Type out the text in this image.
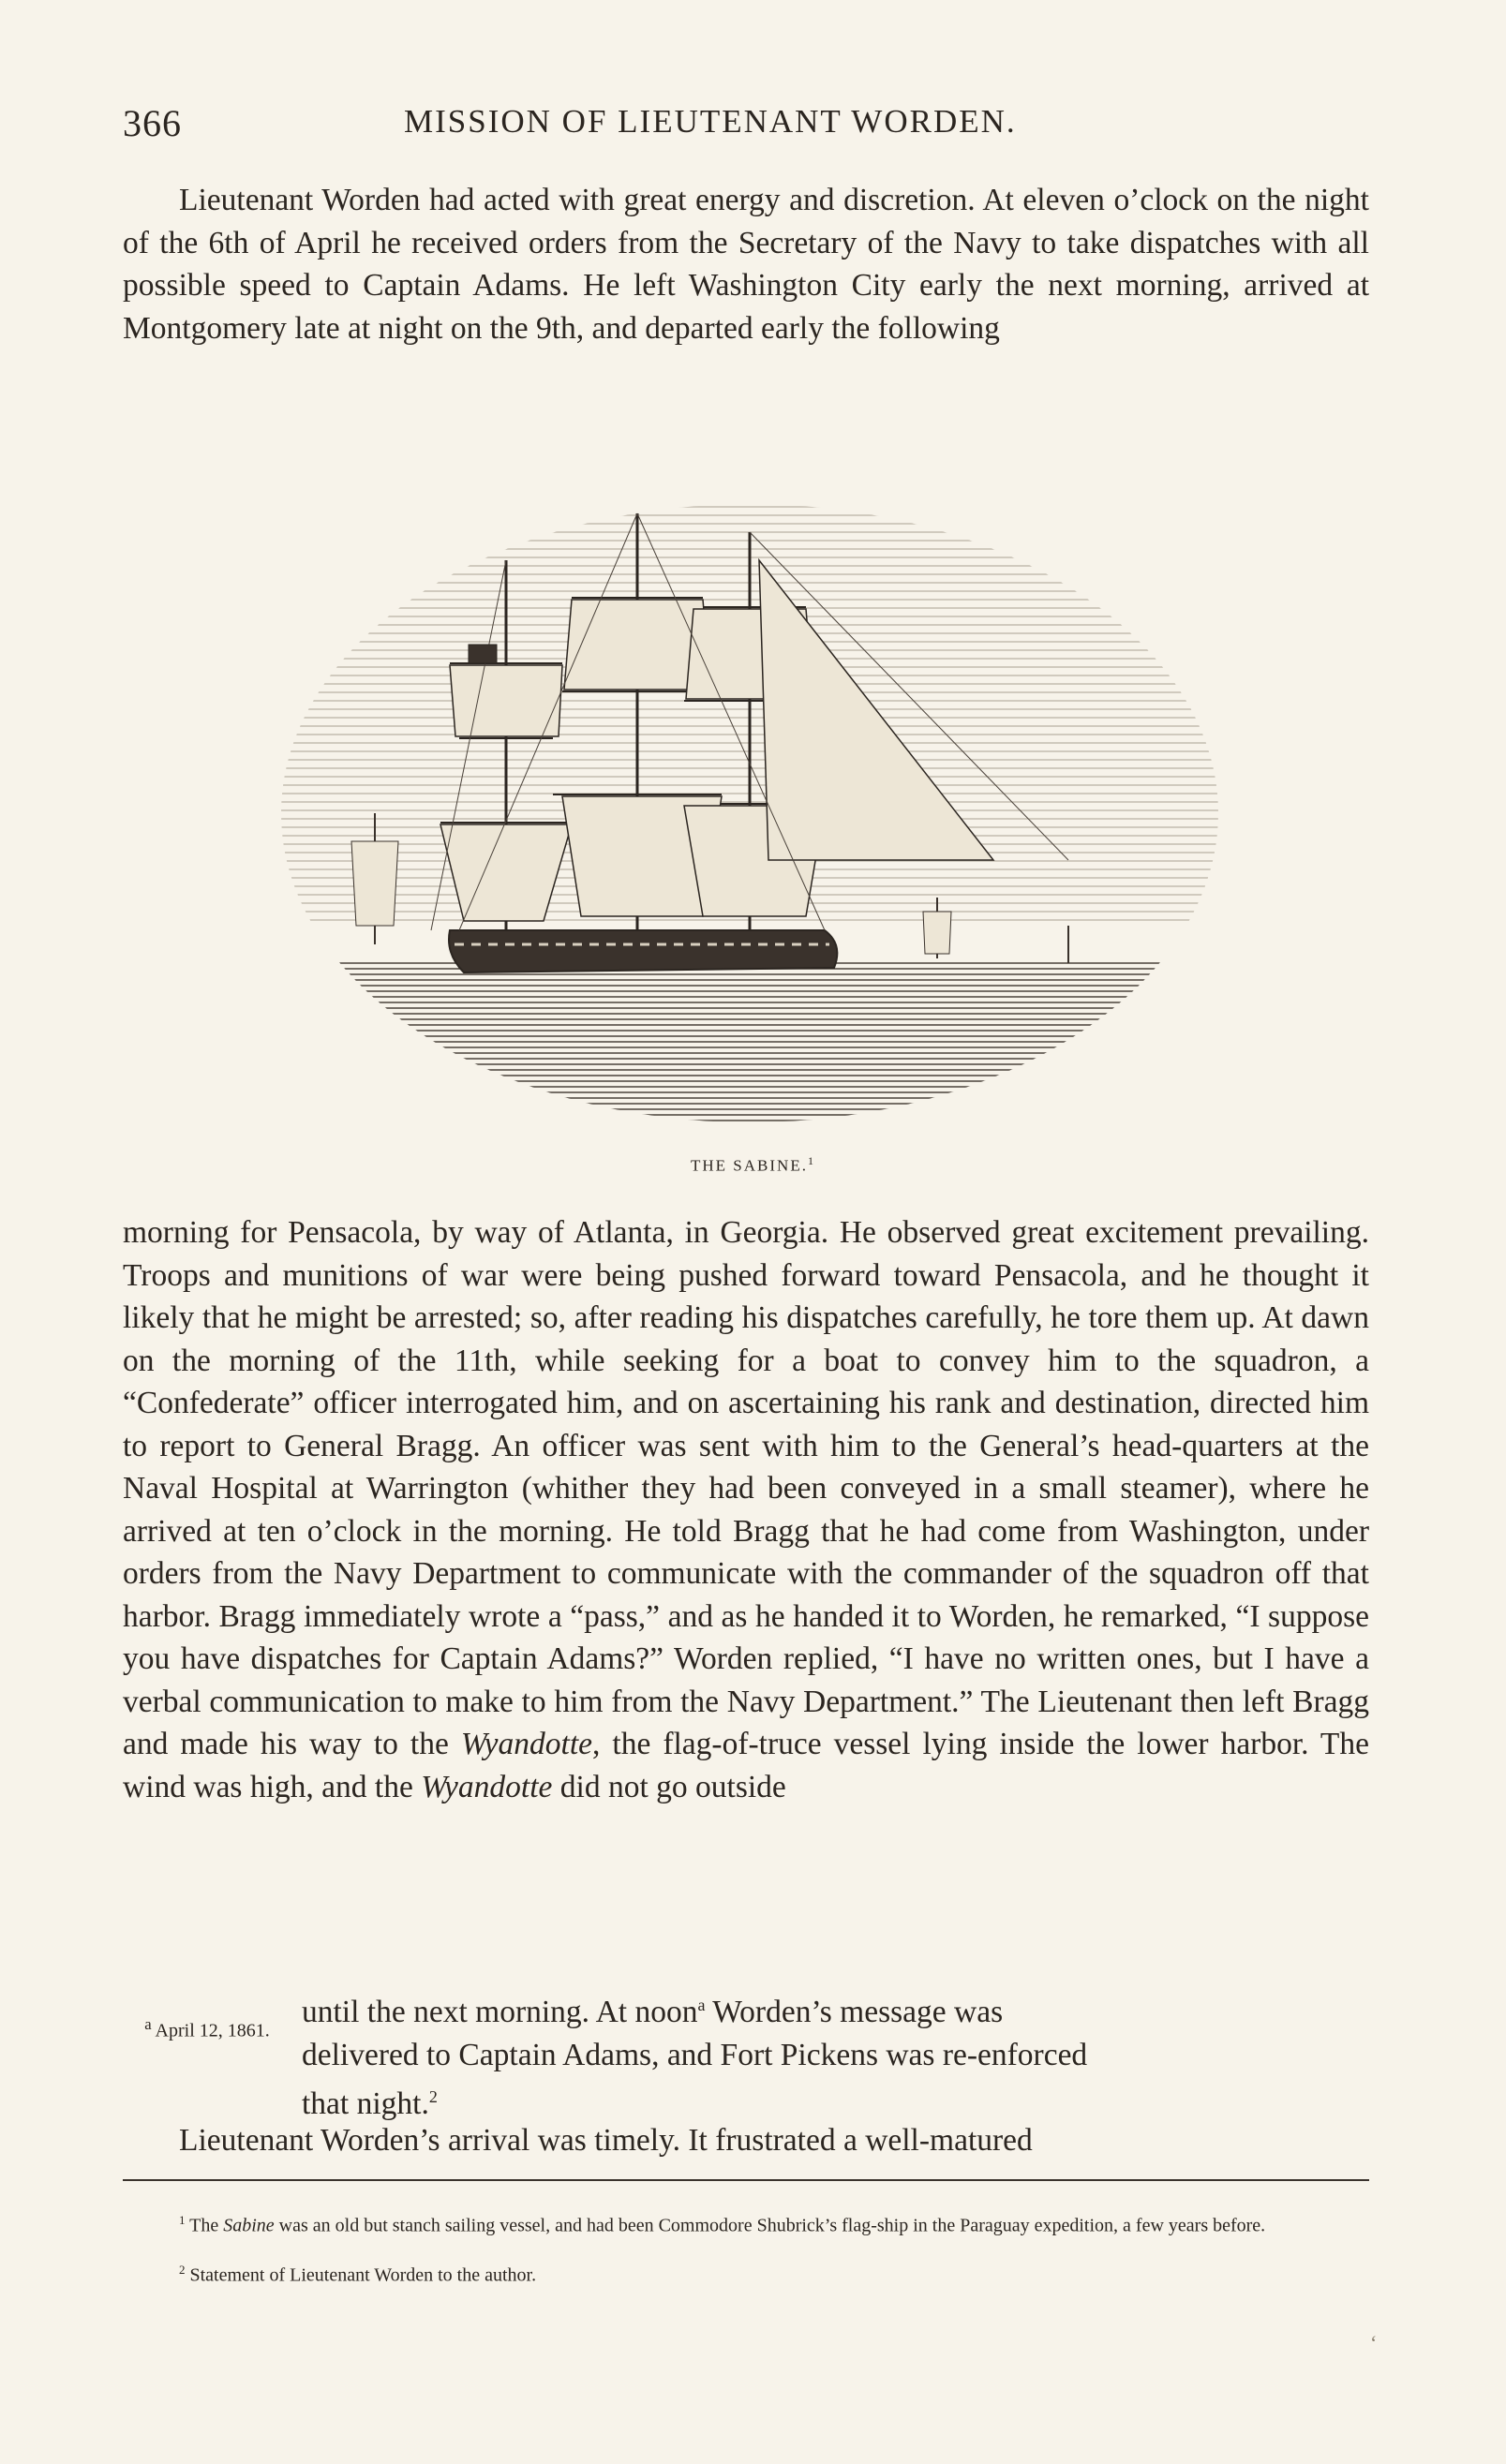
366	MISSION OF LIEUTENANT WORDEN.

Lieutenant Worden had acted with great energy and discretion. At eleven o’clock on the night of the 6th of April he received orders from the Secretary of the Navy to take dispatches with all possible speed to Captain Adams. He left Washington City early the next morning, arrived at Montgomery late at night on the 9th, and departed early the following

THE SABINE.$^1$

morning for Pensacola, by way of Atlanta, in Georgia. He observed great excitement prevailing. Troops and munitions of war were being pushed forward toward Pensacola, and he thought it likely that he might be arrested; so, after reading his dispatches carefully, he tore them up. At dawn on the morning of the 11th, while seeking for a boat to convey him to the squadron, a “Confederate” officer interrogated him, and on ascertaining his rank and destination, directed him to report to General Bragg. An officer was sent with him to the General’s head-quarters at the Naval Hospital at Warrington (whither they had been conveyed in a small steamer), where he arrived at ten o’clock in the morning. He told Bragg that he had come from Washington, under orders from the Navy Department to communicate with the commander of the squadron off that harbor. Bragg immediately wrote a “pass,” and as he handed it to Worden, he remarked, “I suppose you have dispatches for Captain Adams?” Worden replied, “I have no written ones, but I have a verbal communication to make to him from the Navy Department.” The Lieutenant then left Bragg and made his way to the Wyandotte, the flag-of-truce vessel lying inside the lower harbor. The wind was high, and the Wyandotte did not go outside

$^a$ April 12, 1861.
until the next morning. At noon$^a$ Worden’s message was
delivered to Captain Adams, and Fort Pickens was re-enforced
that night.$^2$

Lieutenant Worden’s arrival was timely. It frustrated a well-matured

$^1$ The Sabine was an old but stanch sailing vessel, and had been Commodore Shubrick’s flag-ship in the Paraguay expedition, a few years before.

$^2$ Statement of Lieutenant Worden to the author.

‘
